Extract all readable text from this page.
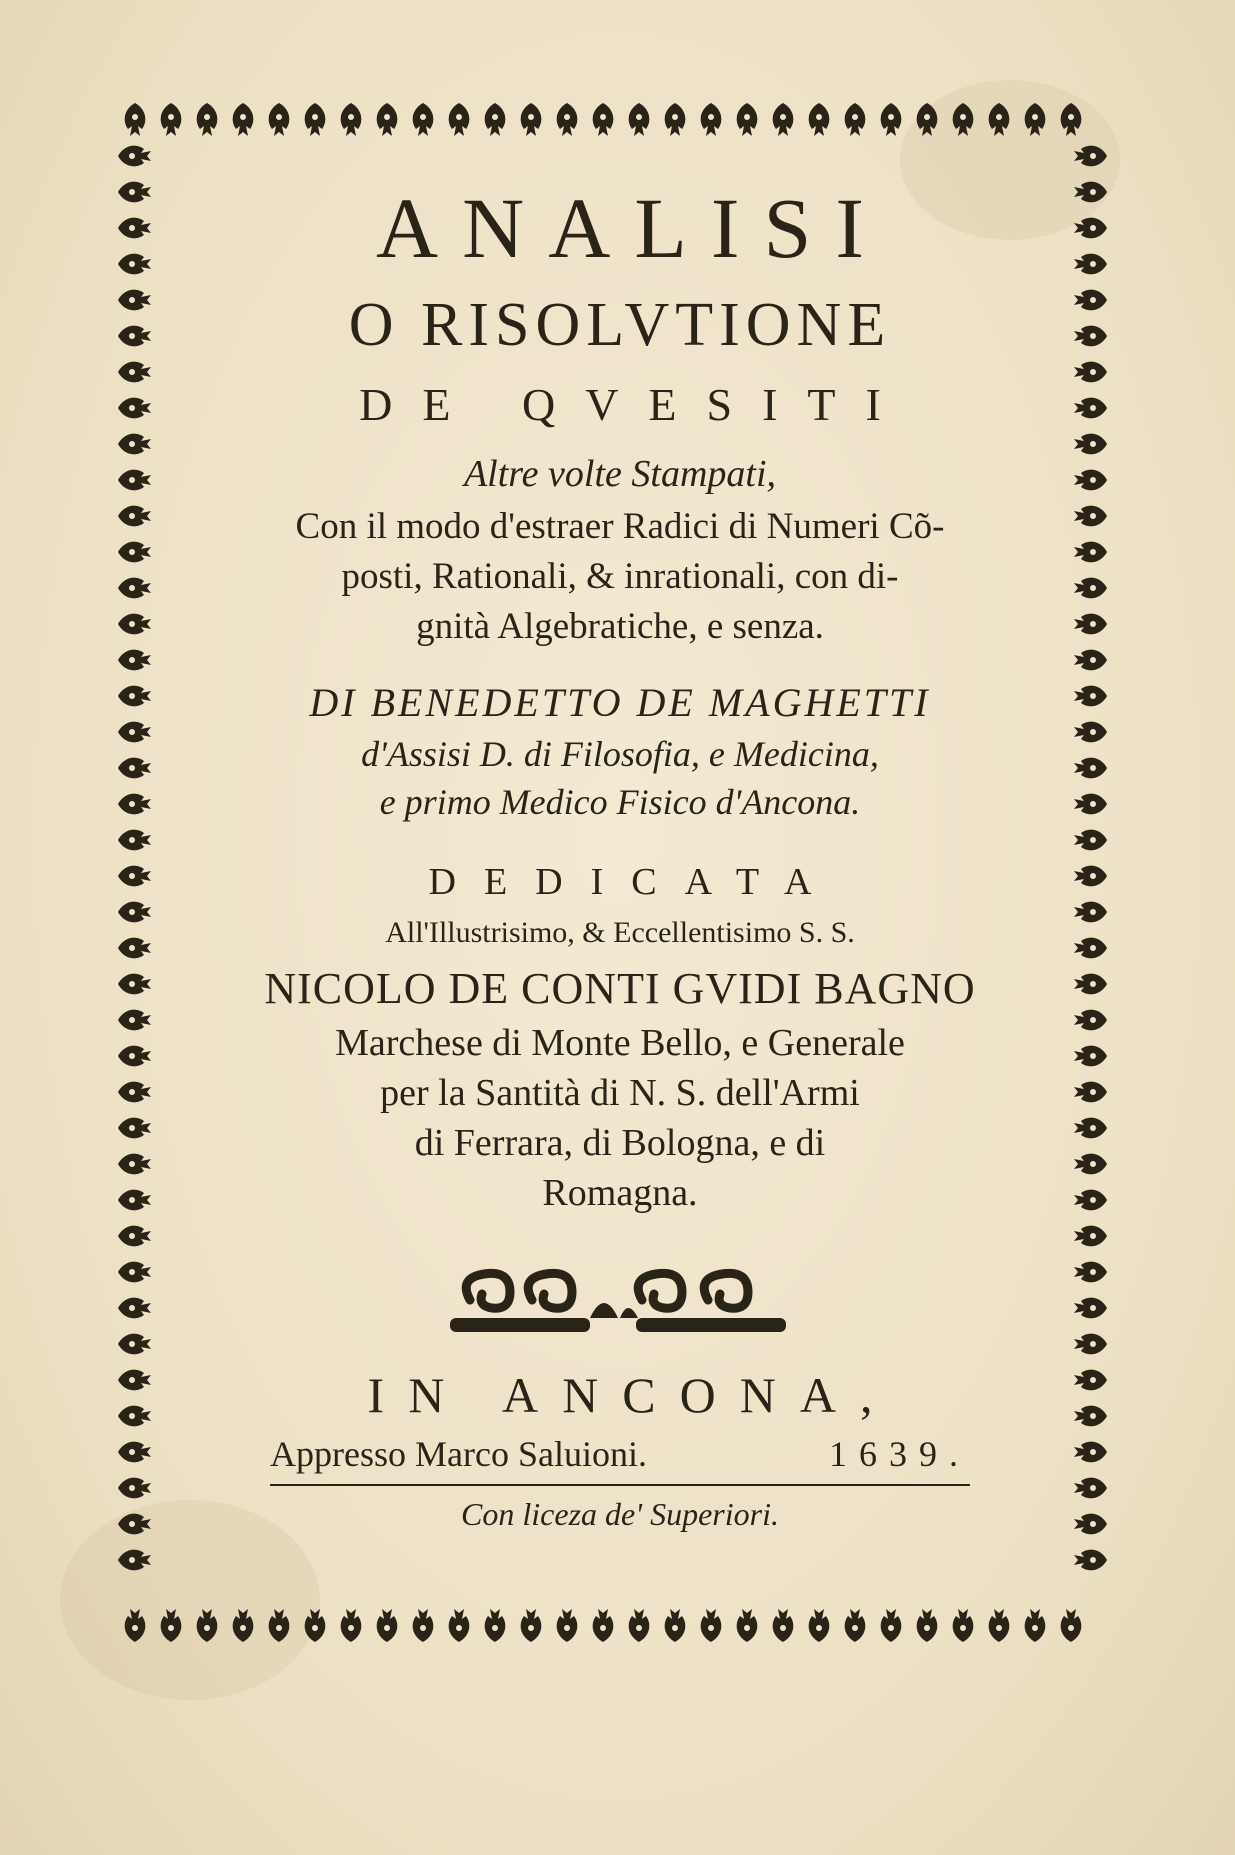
ANALISI
O RISOLVTIONE
DE QVESITI
Altre volte Stampati,
Con il modo d'estraer Radici di Numeri Cõ-
posti, Rationali, & inrationali, con di-
gnità Algebratiche, e senza.
DI BENEDETTO DE MAGHETTI
d'Assisi D. di Filosofia, e Medicina,
e primo Medico Fisico d'Ancona.
DEDICATA
All'Illustrisimo, & Eccellentisimo S. S.
NICOLO DE CONTI GVIDI BAGNO
Marchese di Monte Bello, e Generale
per la Santità di N. S. dell'Armi
di Ferrara, di Bologna, e di
Romagna.
IN ANCONA,
Appresso Marco Saluioni.	1639.
Con liceza de' Superiori.
